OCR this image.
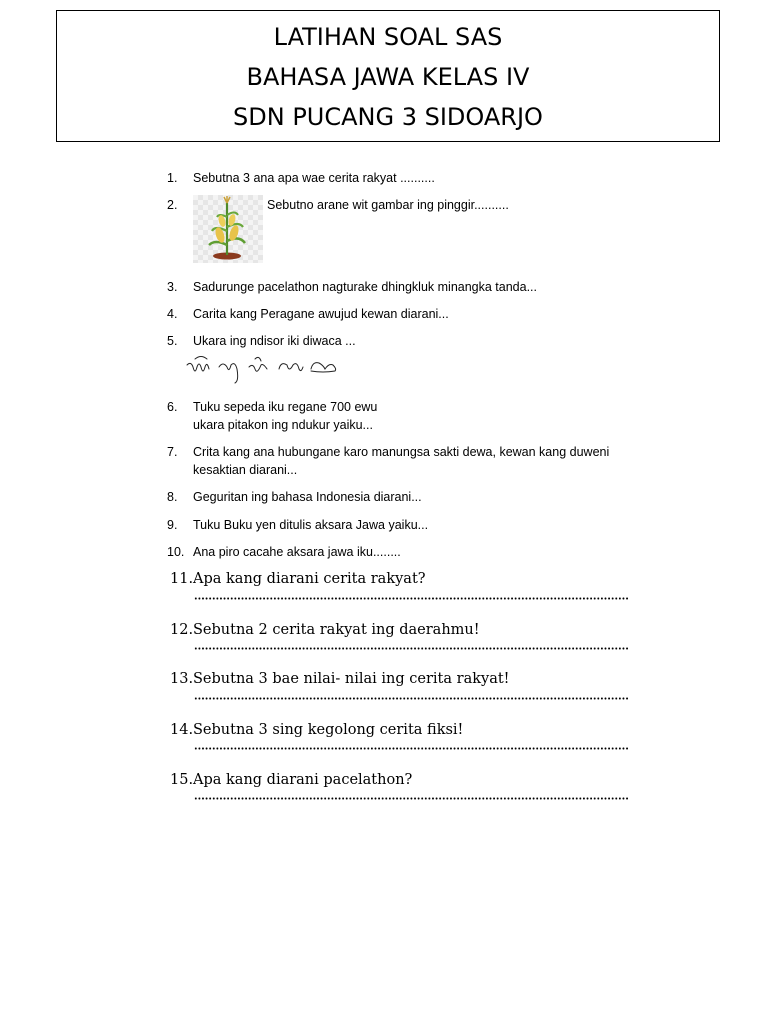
LATIHAN SOAL SAS
BAHASA JAWA KELAS IV
SDN PUCANG 3 SIDOARJO
1.	Sebutna 3 ana apa wae cerita rakyat ..........
2.	Sebutno arane wit gambar ing pinggir..........
3.	Sadurunge pacelathon nagturake dhingkluk minangka tanda...
4.	Carita kang Peragane awujud kewan diarani...
5.	Ukara ing ndisor iki diwaca ...
6.	Tuku sepeda iku regane 700 ewu
ukara pitakon ing ndukur yaiku...
7.	Crita kang ana hubungane karo manungsa sakti dewa, kewan kang duweni
kesaktian diarani...
8.	Geguritan ing bahasa Indonesia diarani...
9.	Tuku Buku yen ditulis aksara Jawa yaiku...
10. Ana piro cacahe aksara jawa iku........
11. Apa kang diarani cerita rakyat?
12. Sebutna 2 cerita rakyat ing daerahmu!
13. Sebutna 3 bae nilai- nilai ing cerita rakyat!
14. Sebutna 3 sing kegolong cerita fiksi!
15. Apa kang diarani pacelathon?
